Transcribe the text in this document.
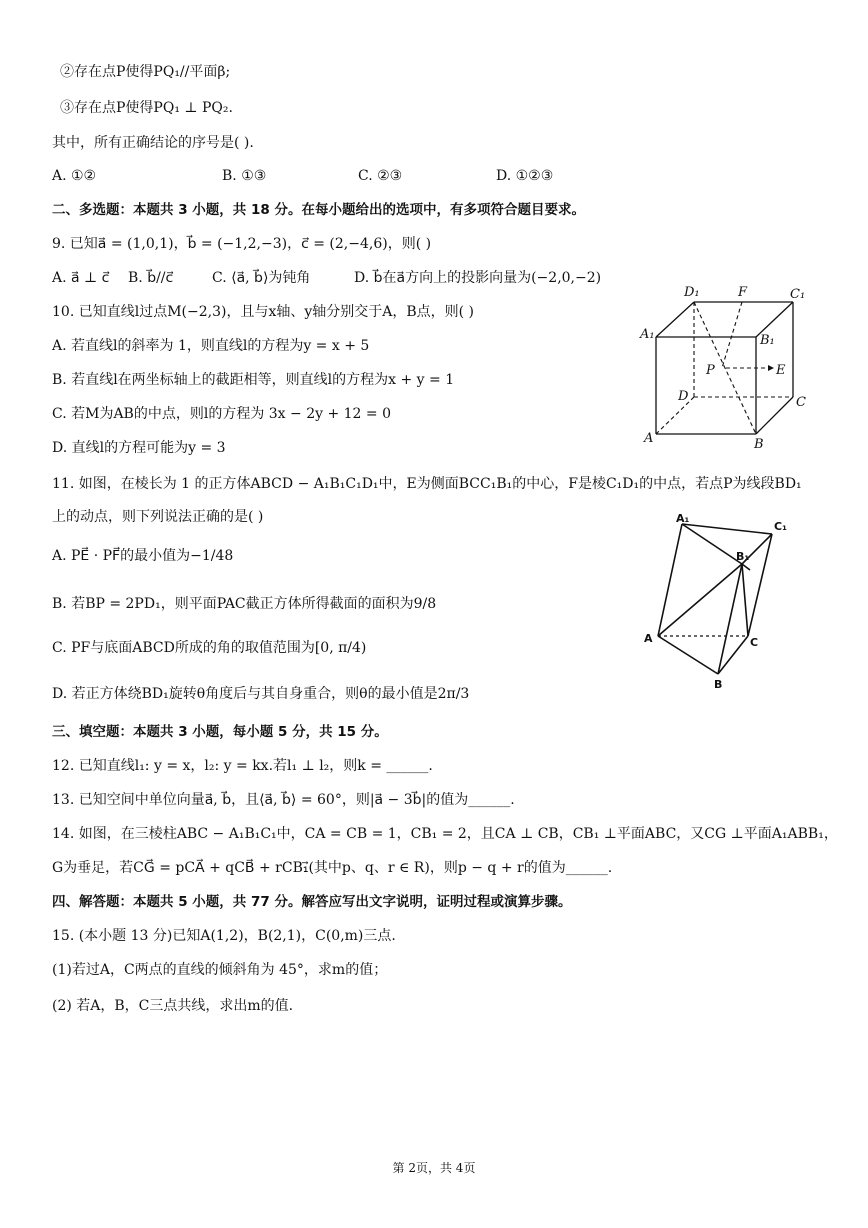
②存在点P使得PQ₁//平面β;
③存在点P使得PQ₁ ⊥ PQ₂.
其中，所有正确结论的序号是( ).
A. ①②	B. ①③	C. ②③	D. ①②③
二、多选题：本题共 3 小题，共 18 分。在每小题给出的选项中，有多项符合题目要求。
9. 已知a⃗ = (1,0,1)，b⃗ = (−1,2,−3)，c⃗ = (2,−4,6)，则( )
A. a⃗ ⊥ c⃗ B. b⃗//c⃗	C. ⟨a⃗, b⃗⟩为钝角	D. b⃗在a⃗方向上的投影向量为(−2,0,−2)
10. 已知直线l过点M(−2,3)，且与x轴、y轴分别交于A，B点，则( )
A. 若直线l的斜率为 1，则直线l的方程为y = x + 5
B. 若直线l在两坐标轴上的截距相等，则直线l的方程为x + y = 1
C. 若M为AB的中点，则l的方程为 3x − 2y + 12 = 0
D. 直线l的方程可能为y = 3
D₁	F	C₁
A₁	B₁
P	E
D	C
A	B
11. 如图，在棱长为 1 的正方体ABCD − A₁B₁C₁D₁中，E为侧面BCC₁B₁的中心，F是棱C₁D₁的中点，若点P为线段BD₁
上的动点，则下列说法正确的是( )
A. PE⃗ · PF⃗的最小值为−1/48
B. 若BP = 2PD₁，则平面PAC截正方体所得截面的面积为9/8
C. PF与底面ABCD所成的角的取值范围为[0, π/4)
D. 若正方体绕BD₁旋转θ角度后与其自身重合，则θ的最小值是2π/3
A₁
C₁
B₁
A	C
B
三、填空题：本题共 3 小题，每小题 5 分，共 15 分。
12. 已知直线l₁: y = x，l₂: y = kx.若l₁ ⊥ l₂，则k = ______.
13. 已知空间中单位向量a⃗, b⃗，且⟨a⃗, b⃗⟩ = 60°，则|a⃗ − 3b⃗|的值为______.
14. 如图，在三棱柱ABC − A₁B₁C₁中，CA = CB = 1，CB₁ = 2，且CA ⊥ CB，CB₁ ⊥平面ABC，又CG ⊥平面A₁ABB₁，
G为垂足，若CG⃗ = pCA⃗ + qCB⃗ + rCB₁⃗(其中p、q、r ∈ R)，则p − q + r的值为______.
四、解答题：本题共 5 小题，共 77 分。解答应写出文字说明，证明过程或演算步骤。
15. (本小题 13 分)已知A(1,2)，B(2,1)，C(0,m)三点.
(1)若过A，C两点的直线的倾斜角为 45°，求m的值；
(2) 若A，B，C三点共线，求出m的值.
第 2页，共 4页
